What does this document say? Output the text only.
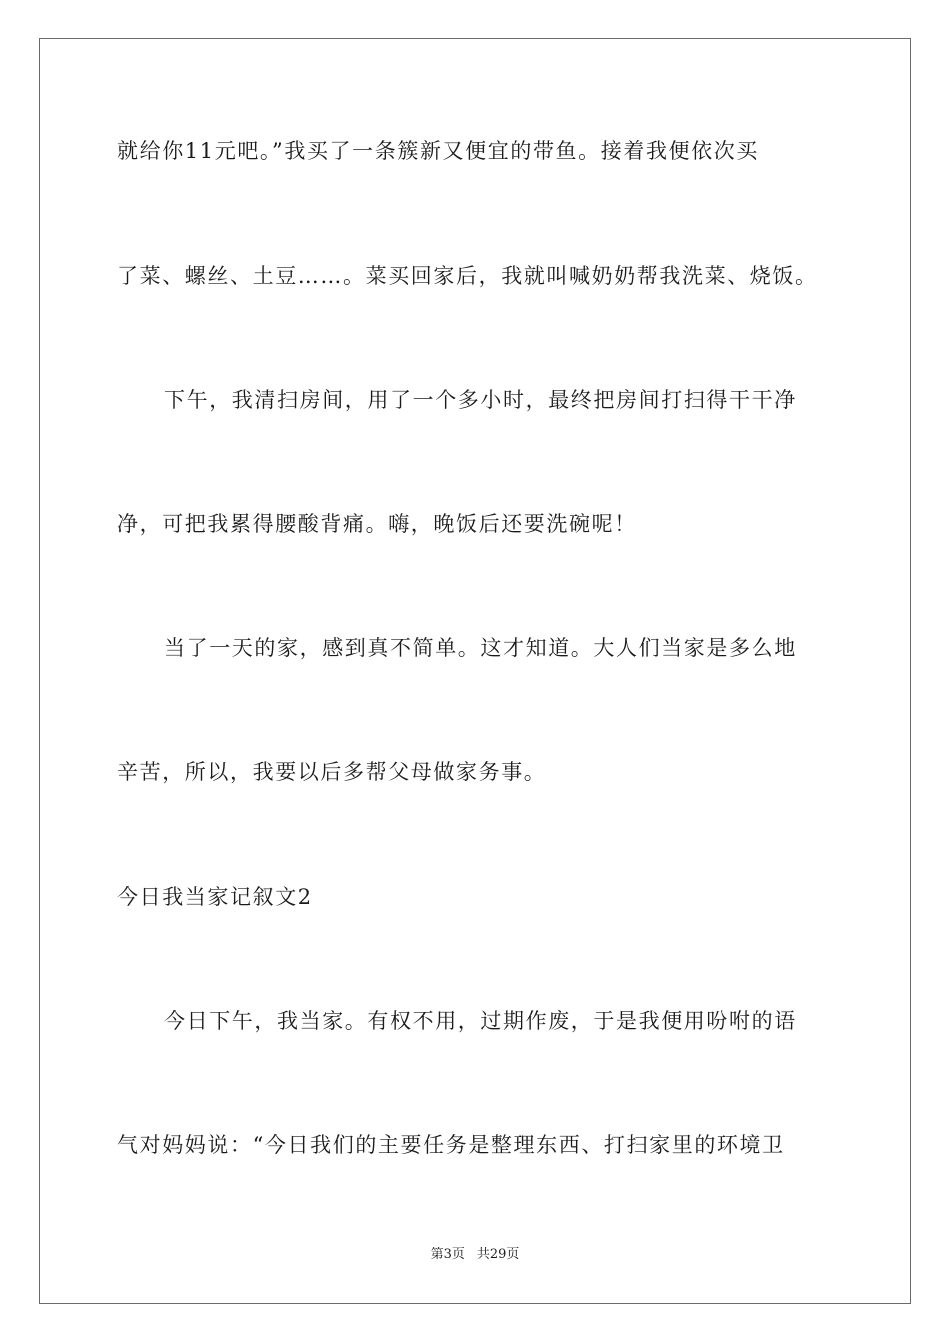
就给你11元吧。”我买了一条簇新又便宜的带鱼。接着我便依次买
了菜、螺丝、土豆……。菜买回家后，我就叫喊奶奶帮我洗菜、烧饭。
下午，我清扫房间，用了一个多小时，最终把房间打扫得干干净
净，可把我累得腰酸背痛。嗨，晚饭后还要洗碗呢！
当了一天的家，感到真不简单。这才知道。大人们当家是多么地
辛苦，所以，我要以后多帮父母做家务事。
今日我当家记叙文2
今日下午，我当家。有权不用，过期作废，于是我便用吩咐的语
气对妈妈说：“今日我们的主要任务是整理东西、打扫家里的环境卫
第3页 共29页
